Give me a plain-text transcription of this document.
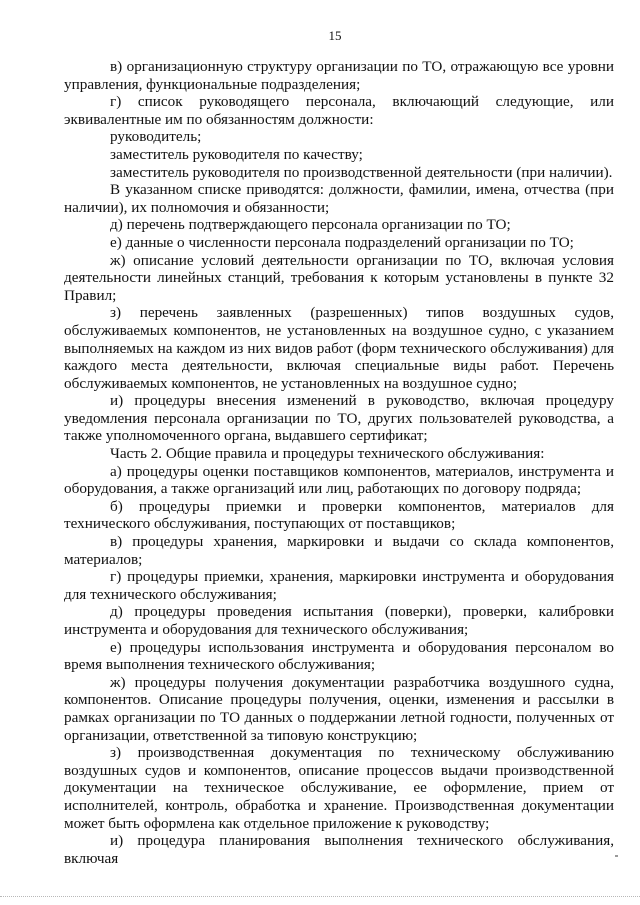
15

в) организационную структуру организации по ТО, отражающую все уровни управления, функциональные подразделения;

г) список руководящего персонала, включающий следующие, или эквивалентные им по обязанностям должности:

руководитель;

заместитель руководителя по качеству;

заместитель руководителя по производственной деятельности (при наличии).

В указанном списке приводятся: должности, фамилии, имена, отчества (при наличии), их полномочия и обязанности;

д) перечень подтверждающего персонала организации по ТО;

е) данные о численности персонала подразделений организации по ТО;

ж) описание условий деятельности организации по ТО, включая условия деятельности линейных станций, требования к которым установлены в пункте 32 Правил;

з) перечень заявленных (разрешенных) типов воздушных судов, обслуживаемых компонентов, не установленных на воздушное судно, с указанием выполняемых на каждом из них видов работ (форм технического обслуживания) для каждого места деятельности, включая специальные виды работ. Перечень обслуживаемых компонентов, не установленных на воздушное судно;

и) процедуры внесения изменений в руководство, включая процедуру уведомления персонала организации по ТО, других пользователей руководства, а также уполномоченного органа, выдавшего сертификат;

Часть 2. Общие правила и процедуры технического обслуживания:

а) процедуры оценки поставщиков компонентов, материалов, инструмента и оборудования, а также организаций или лиц, работающих по договору подряда;

б) процедуры приемки и проверки компонентов, материалов для технического обслуживания, поступающих от поставщиков;

в) процедуры хранения, маркировки и выдачи со склада компонентов, материалов;

г) процедуры приемки, хранения, маркировки инструмента и оборудования для технического обслуживания;

д) процедуры проведения испытания (поверки), проверки, калибровки инструмента и оборудования для технического обслуживания;

е) процедуры использования инструмента и оборудования персоналом во время выполнения технического обслуживания;

ж) процедуры получения документации разработчика воздушного судна, компонентов. Описание процедуры получения, оценки, изменения и рассылки в рамках организации по ТО данных о поддержании летной годности, полученных от организации, ответственной за типовую конструкцию;

з) производственная документация по техническому обслуживанию воздушных судов и компонентов, описание процессов выдачи производственной документации на техническое обслуживание, ее оформление, прием от исполнителей, контроль, обработка и хранение. Производственная документации может быть оформлена как отдельное приложение к руководству;

и) процедура планирования выполнения технического обслуживания, включая
